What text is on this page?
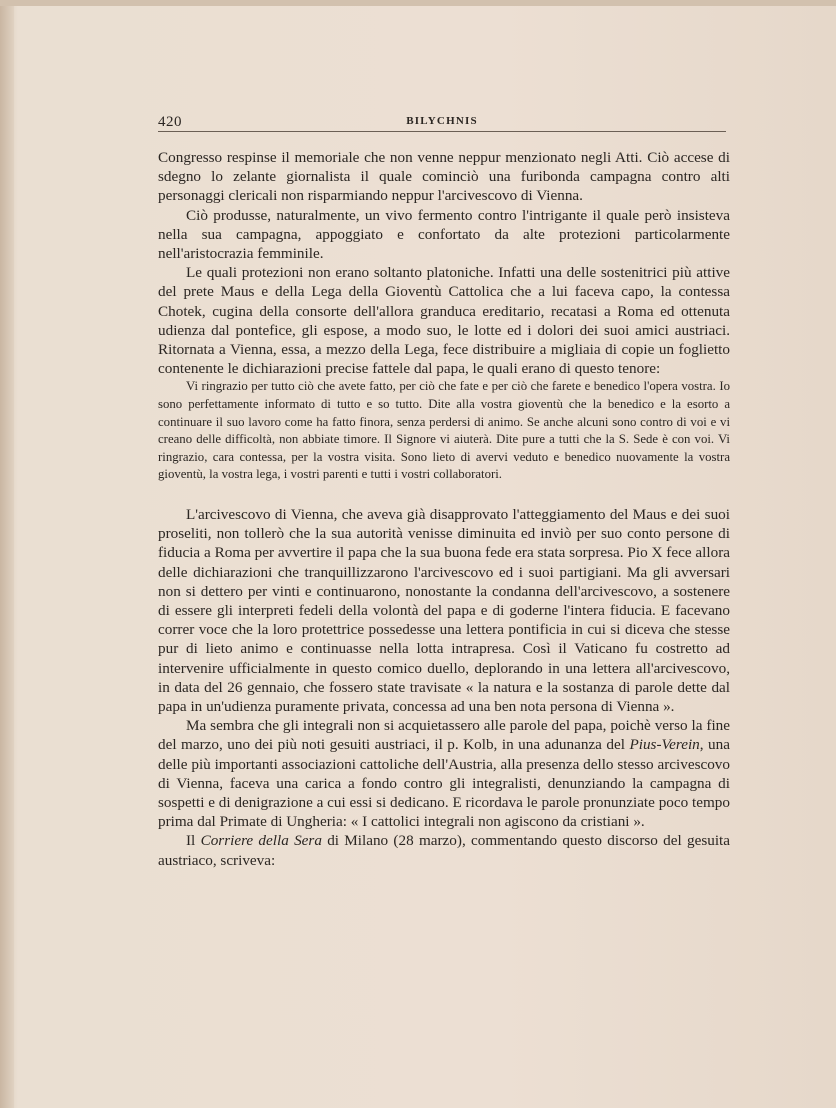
420	BILYCHNIS

Congresso respinse il memoriale che non venne neppur menzionato negli Atti. Ciò accese di sdegno lo zelante giornalista il quale cominciò una furibonda campagna contro alti personaggi clericali non risparmiando neppur l'arcivescovo di Vienna.

Ciò produsse, naturalmente, un vivo fermento contro l'intrigante il quale però insisteva nella sua campagna, appoggiato e confortato da alte protezioni particolarmente nell'aristocrazia femminile.

Le quali protezioni non erano soltanto platoniche. Infatti una delle sostenitrici più attive del prete Maus e della Lega della Gioventù Cattolica che a lui faceva capo, la contessa Chotek, cugina della consorte dell'allora granduca ereditario, recatasi a Roma ed ottenuta udienza dal pontefice, gli espose, a modo suo, le lotte ed i dolori dei suoi amici austriaci. Ritornata a Vienna, essa, a mezzo della Lega, fece distribuire a migliaia di copie un foglietto contenente le dichiarazioni precise fattele dal papa, le quali erano di questo tenore:

Vi ringrazio per tutto ciò che avete fatto, per ciò che fate e per ciò che farete e benedico l'opera vostra. Io sono perfettamente informato di tutto e so tutto. Dite alla vostra gioventù che la benedico e la esorto a continuare il suo lavoro come ha fatto finora, senza perdersi di animo. Se anche alcuni sono contro di voi e vi creano delle difficoltà, non abbiate timore. Il Signore vi aiuterà. Dite pure a tutti che la S. Sede è con voi. Vi ringrazio, cara contessa, per la vostra visita. Sono lieto di avervi veduto e benedico nuovamente la vostra gioventù, la vostra lega, i vostri parenti e tutti i vostri collaboratori.

L'arcivescovo di Vienna, che aveva già disapprovato l'atteggiamento del Maus e dei suoi proseliti, non tollerò che la sua autorità venisse diminuita ed inviò per suo conto persone di fiducia a Roma per avvertire il papa che la sua buona fede era stata sorpresa. Pio X fece allora delle dichiarazioni che tranquillizzarono l'arcivescovo ed i suoi partigiani. Ma gli avversari non si dettero per vinti e continuarono, nonostante la condanna dell'arcivescovo, a sostenere di essere gli interpreti fedeli della volontà del papa e di goderne l'intera fiducia. E facevano correr voce che la loro protettrice possedesse una lettera pontificia in cui si diceva che stesse pur di lieto animo e continuasse nella lotta intrapresa. Così il Vaticano fu costretto ad intervenire ufficialmente in questo comico duello, deplorando in una lettera all'arcivescovo, in data del 26 gennaio, che fossero state travisate « la natura e la sostanza di parole dette dal papa in un'udienza puramente privata, concessa ad una ben nota persona di Vienna ».

Ma sembra che gli integrali non si acquietassero alle parole del papa, poichè verso la fine del marzo, uno dei più noti gesuiti austriaci, il p. Kolb, in una adunanza del Pius-Verein, una delle più importanti associazioni cattoliche dell'Austria, alla presenza dello stesso arcivescovo di Vienna, faceva una carica a fondo contro gli integralisti, denunziando la campagna di sospetti e di denigrazione a cui essi si dedicano. E ricordava le parole pronunziate poco tempo prima dal Primate di Ungheria: « I cattolici integrali non agiscono da cristiani ».

Il Corriere della Sera di Milano (28 marzo), commentando questo discorso del gesuita austriaco, scriveva:
